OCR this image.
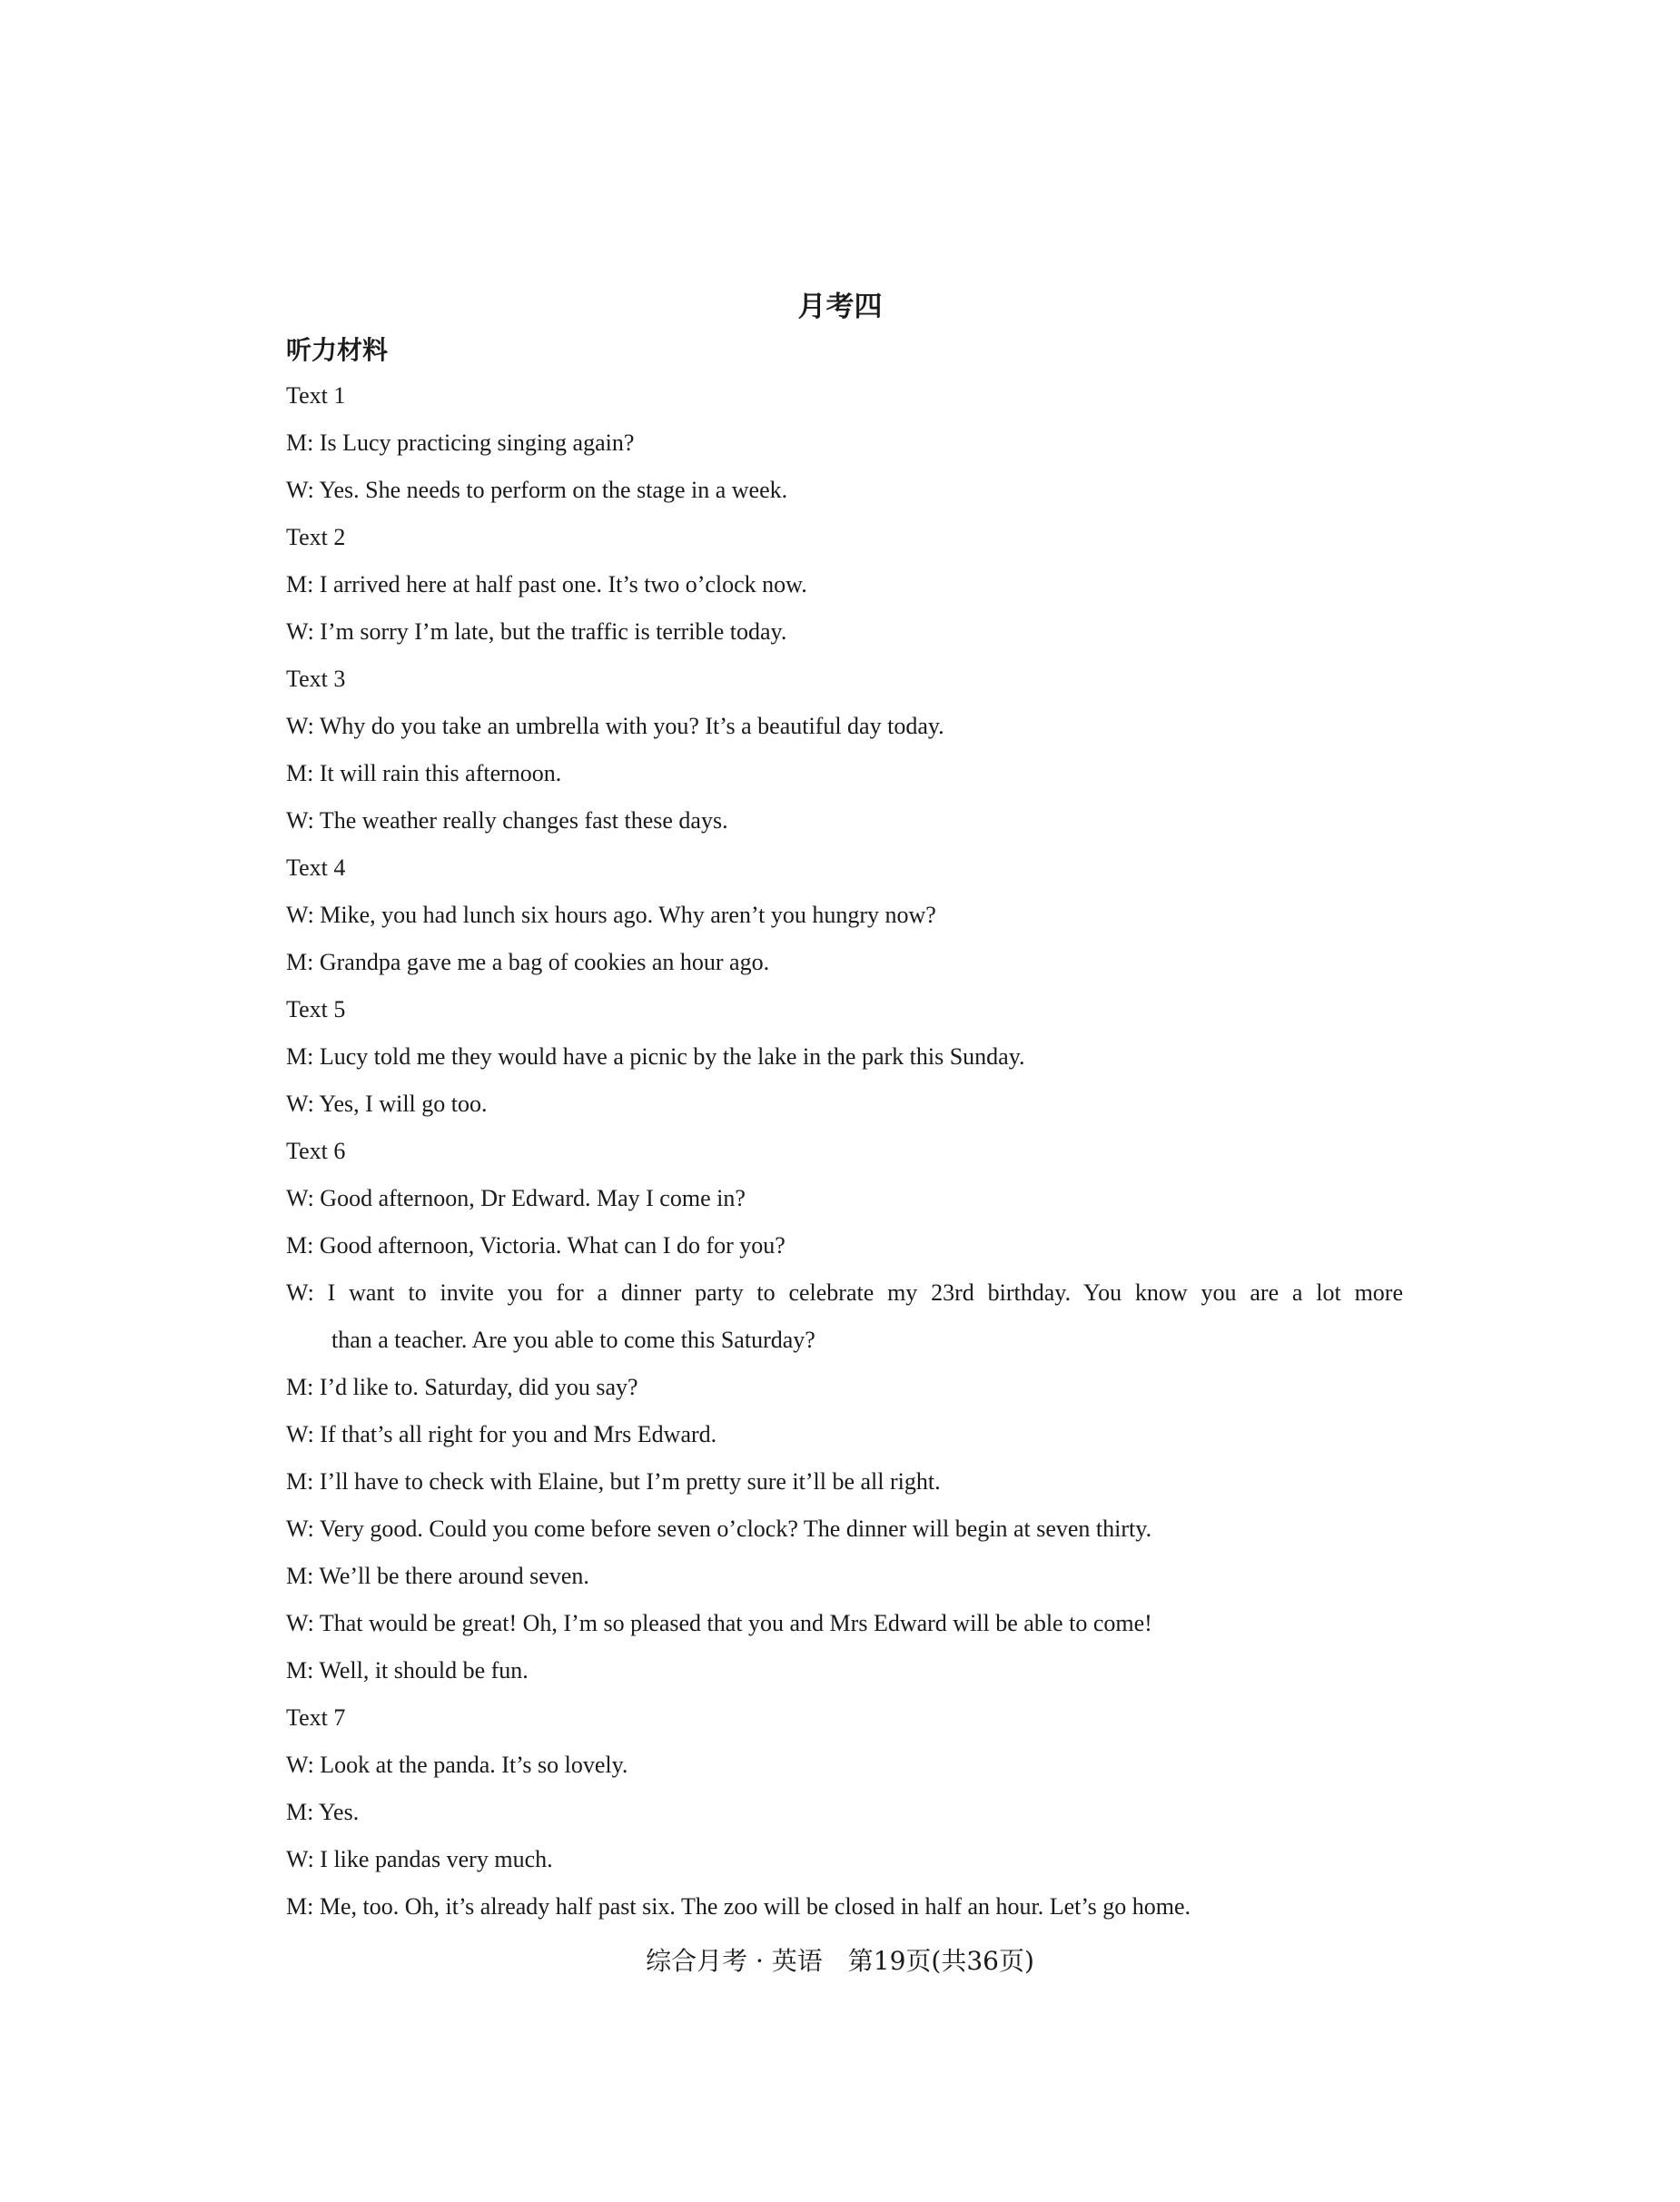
月考四
听力材料
Text 1
M: Is Lucy practicing singing again?
W: Yes. She needs to perform on the stage in a week.
Text 2
M: I arrived here at half past one. It’s two o’clock now.
W: I’m sorry I’m late, but the traffic is terrible today.
Text 3
W: Why do you take an umbrella with you? It’s a beautiful day today.
M: It will rain this afternoon.
W: The weather really changes fast these days.
Text 4
W: Mike, you had lunch six hours ago. Why aren’t you hungry now?
M: Grandpa gave me a bag of cookies an hour ago.
Text 5
M: Lucy told me they would have a picnic by the lake in the park this Sunday.
W: Yes, I will go too.
Text 6
W: Good afternoon, Dr Edward. May I come in?
M: Good afternoon, Victoria. What can I do for you?
W: I want to invite you for a dinner party to celebrate my 23rd birthday. You know you are a lot more
than a teacher. Are you able to come this Saturday?
M: I’d like to. Saturday, did you say?
W: If that’s all right for you and Mrs Edward.
M: I’ll have to check with Elaine, but I’m pretty sure it’ll be all right.
W: Very good. Could you come before seven o’clock? The dinner will begin at seven thirty.
M: We’ll be there around seven.
W: That would be great! Oh, I’m so pleased that you and Mrs Edward will be able to come!
M: Well, it should be fun.
Text 7
W: Look at the panda. It’s so lovely.
M: Yes.
W: I like pandas very much.
M: Me, too. Oh, it’s already half past six. The zoo will be closed in half an hour. Let’s go home.
综合月考 · 英语　第19页(共36页)
